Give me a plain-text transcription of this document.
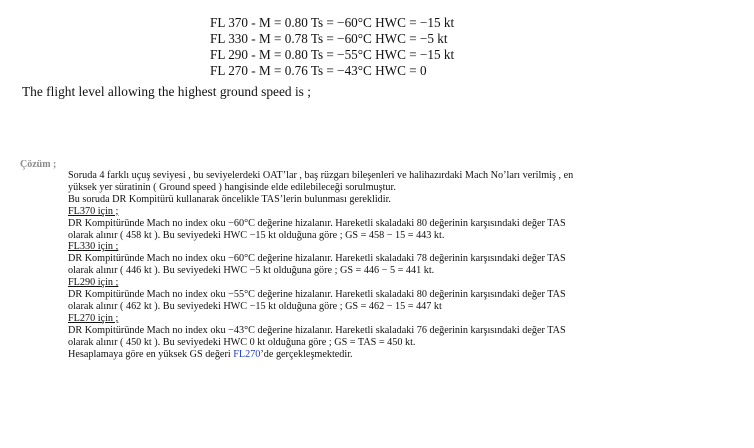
FL 370 - M = 0.80 Ts = −60°C HWC = −15 kt
FL 330 - M = 0.78 Ts = −60°C HWC = −5 kt
FL 290 - M = 0.80 Ts = −55°C HWC = −15 kt
FL 270 - M = 0.76 Ts = −43°C HWC = 0
The flight level allowing the highest ground speed is ;
Çözüm ;
Soruda 4 farklı uçuş seviyesi , bu seviyelerdeki OAT’lar , baş rüzgarı bileşenleri ve halihazırdaki Mach No’ları verilmiş , en
yüksek yer süratinin ( Ground speed ) hangisinde elde edilebileceği sorulmuştur.
Bu soruda DR Kompitürü kullanarak öncelikle TAS’lerin bulunması gereklidir.
FL370 için ;
DR Kompitüründe Mach no index oku −60°C değerine hizalanır. Hareketli skaladaki 80 değerinin karşısındaki değer TAS
olarak alınır ( 458 kt ). Bu seviyedeki HWC −15 kt olduğuna göre ; GS = 458 − 15 = 443 kt.
FL330 için ;
DR Kompitüründe Mach no index oku −60°C değerine hizalanır. Hareketli skaladaki 78 değerinin karşısındaki değer TAS
olarak alınır ( 446 kt ). Bu seviyedeki HWC −5 kt olduğuna göre ; GS = 446 − 5 = 441 kt.
FL290 için ;
DR Kompitüründe Mach no index oku −55°C değerine hizalanır. Hareketli skaladaki 80 değerinin karşısındaki değer TAS
olarak alınır ( 462 kt ). Bu seviyedeki HWC −15 kt olduğuna göre ; GS = 462 − 15 = 447 kt
FL270 için ;
DR Kompitüründe Mach no index oku −43°C değerine hizalanır. Hareketli skaladaki 76 değerinin karşısındaki değer TAS
olarak alınır ( 450 kt ). Bu seviyedeki HWC 0 kt olduğuna göre ; GS = TAS = 450 kt.
Hesaplamaya göre en yüksek GS değeri FL270’de gerçekleşmektedir.
